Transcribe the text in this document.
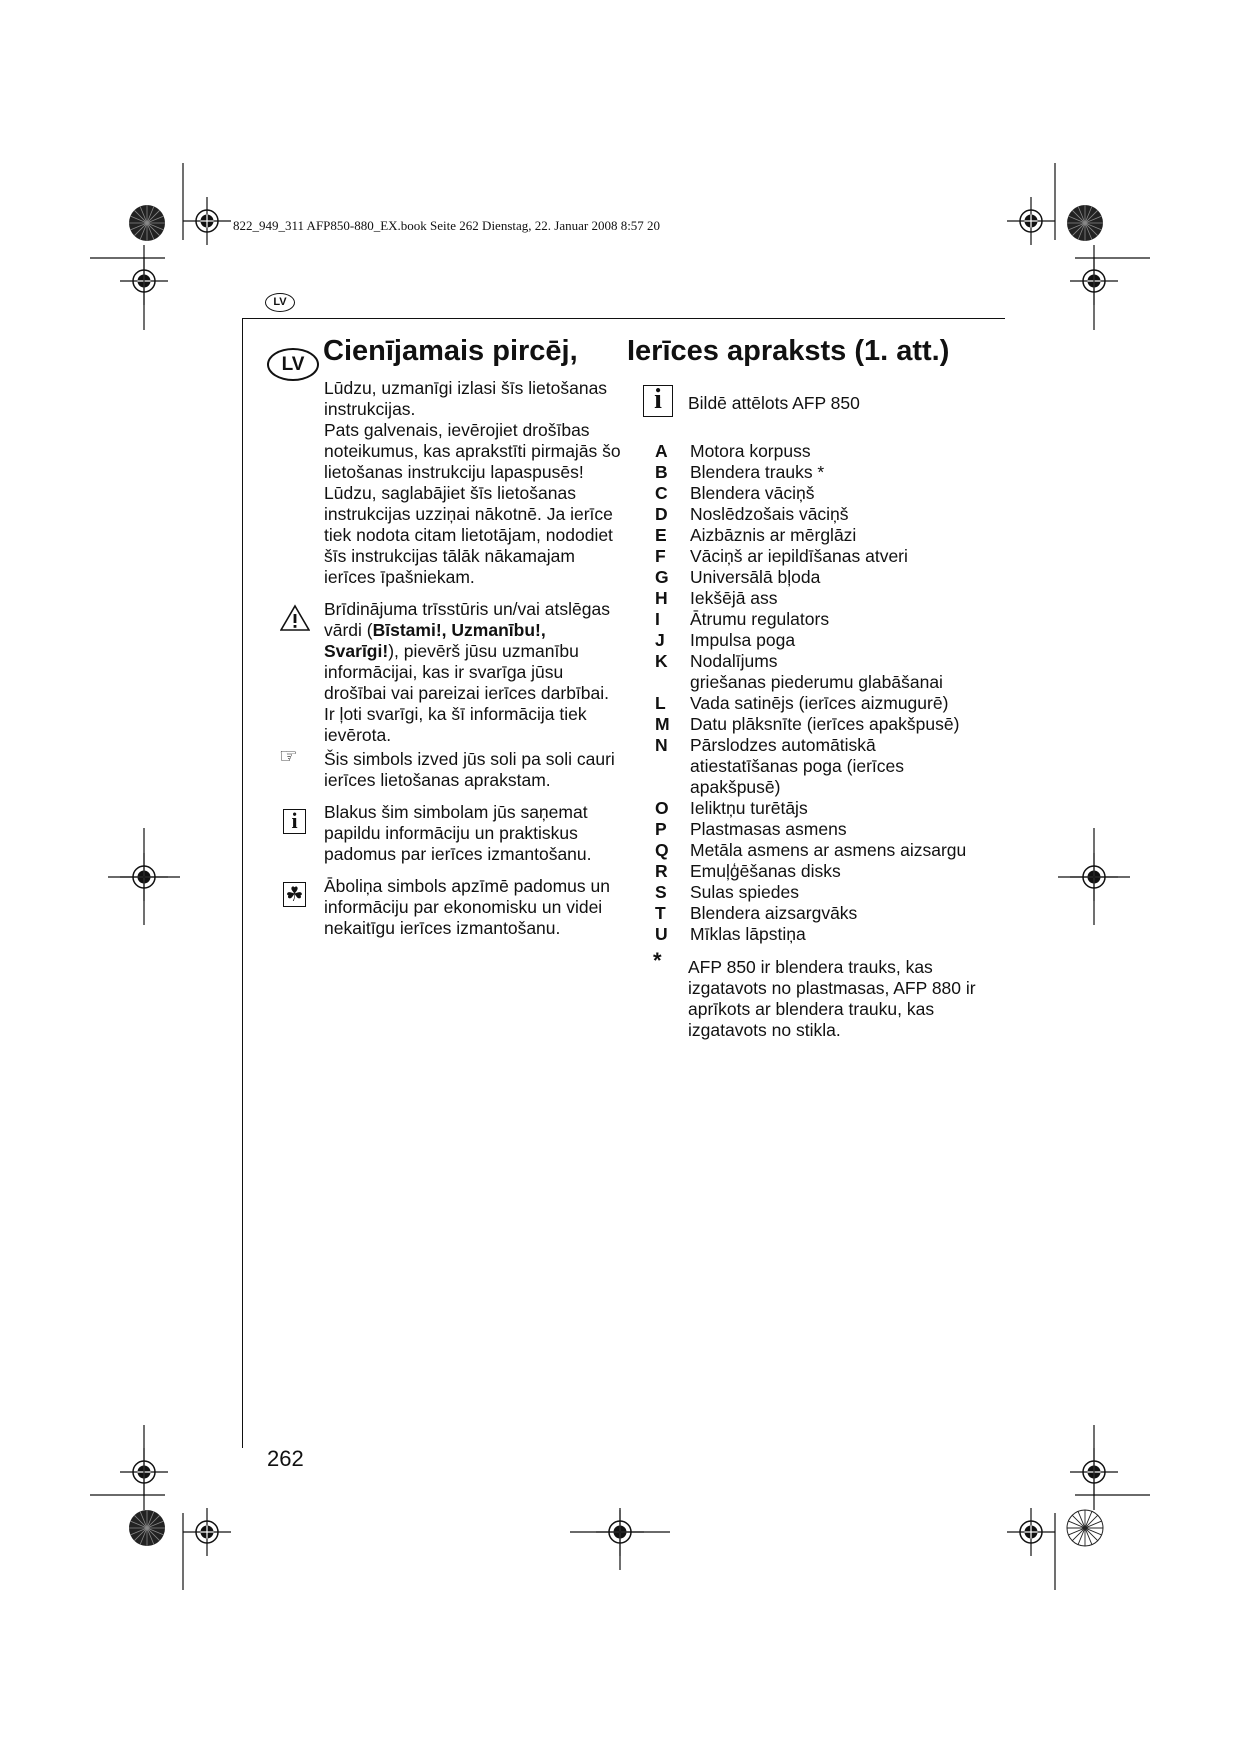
822_949_311 AFP850-880_EX.book Seite 262 Dienstag, 22. Januar 2008 8:57 20
LV
LV Cienījamais pircēj,

Lūdzu, uzmanīgi izlasi šīs lietošanas instrukcijas.

Pats galvenais, ievērojiet drošības noteikumus, kas aprakstīti pirmajās šo lietošanas instrukciju lapaspusēs!

Lūdzu, saglabājiet šīs lietošanas instrukcijas uzziņai nākotnē. Ja ierīce tiek nodota citam lietotājam, nododiet šīs instrukcijas tālāk nākamajam ierīces īpašniekam.

Brīdinājuma trīsstūris un/vai atslēgas vārdi (Bīstami!, Uzmanību!, Svarīgi!), pievērš jūsu uzmanību informācijai, kas ir svarīga jūsu drošībai vai pareizai ierīces darbībai. Ir ļoti svarīgi, ka šī informācija tiek ievērota.
☞ Šis simbols izved jūs soli pa soli cauri ierīces lietošanas aprakstam.
i	Blakus šim simbolam jūs saņemat papildu informāciju un praktiskus padomus par ierīces izmantošanu.
☘ Āboliņa simbols apzīmē padomus un informāciju par ekonomisku un videi nekaitīgu ierīces izmantošanu.
Ierīces apraksts (1. att.)
i	Bildē attēlots AFP 850
A	Motora korpuss
B	Blendera trauks *
C	Blendera vāciņš
D	Noslēdzošais vāciņš
E	Aizbāznis ar mērglāzi
F	Vāciņš ar iepildīšanas atveri
G	Universālā bļoda
H	Iekšējā ass
I	Ātrumu regulators
J	Impulsa poga
K	Nodalījums
griešanas piederumu glabāšanai
L	Vada satinējs (ierīces aizmugurē)
M	Datu plāksnīte (ierīces apakšpusē)
N	Pārslodzes automātiskā
atiestatīšanas poga (ierīces
apakšpusē)
O	Ieliktņu turētājs
P	Plastmasas asmens
Q	Metāla asmens ar asmens aizsargu
R	Emuļģēšanas disks
S	Sulas spiedes
T	Blendera aizsargvāks
U	Mīklas lāpstiņa
* AFP 850 ir blendera trauks, kas izgatavots no plastmasas, AFP 880 ir aprīkots ar blendera trauku, kas izgatavots no stikla.
262
